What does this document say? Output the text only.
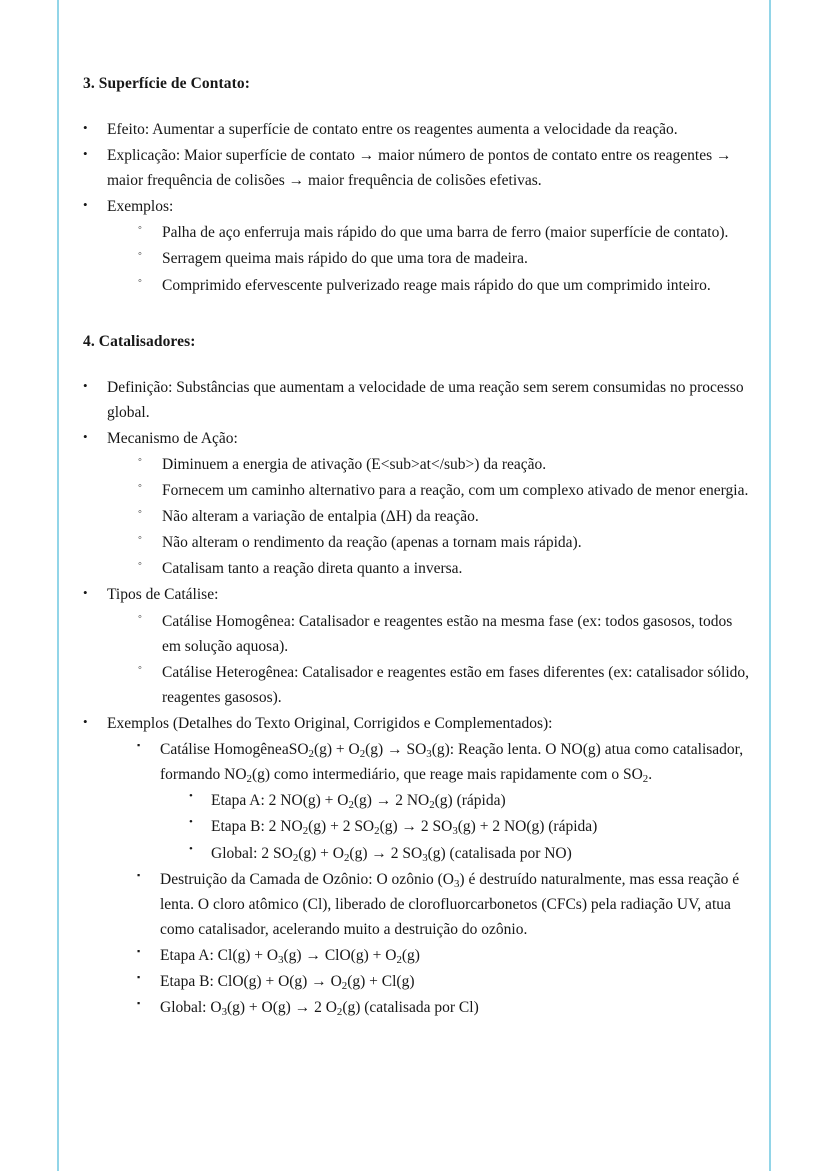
3. Superfície de Contato:
•	Efeito: Aumentar a superfície de contato entre os reagentes aumenta a velocidade da reação.
•	Explicação: Maior superfície de contato → maior número de pontos de contato entre os reagentes → maior frequência de colisões → maior frequência de colisões efetivas.
•	Exemplos:
◦	Palha de aço enferruja mais rápido do que uma barra de ferro (maior superfície de contato).
◦	Serragem queima mais rápido do que uma tora de madeira.
◦	Comprimido efervescente pulverizado reage mais rápido do que um comprimido inteiro.
4. Catalisadores:
•	Definição: Substâncias que aumentam a velocidade de uma reação sem serem consumidas no processo global.
•	Mecanismo de Ação:
◦	Diminuem a energia de ativação (E<sub>at</sub>) da reação.
◦	Fornecem um caminho alternativo para a reação, com um complexo ativado de menor energia.
◦	Não alteram a variação de entalpia (ΔH) da reação.
◦	Não alteram o rendimento da reação (apenas a tornam mais rápida).
◦	Catalisam tanto a reação direta quanto a inversa.
•	Tipos de Catálise:
◦	Catálise Homogênea: Catalisador e reagentes estão na mesma fase (ex: todos gasosos, todos em solução aquosa).
◦	Catálise Heterogênea: Catalisador e reagentes estão em fases diferentes (ex: catalisador sólido, reagentes gasosos).
•	Exemplos (Detalhes do Texto Original, Corrigidos e Complementados):
▪	Catálise HomogêneaSO$_2$(g) + $O_2(g) \to SO_3(g)$: Reação lenta. O NO(g) atua como catalisador, formando $NO_2(g)$ como intermediário, que reage mais rapidamente com o $SO_2$.
•	Etapa A: 2 $NO(g) + O_2(g) \to 2$ $NO_2(g)$ (rápida)
•	Etapa B: 2 $NO_2(g) + 2$ $SO_2(g) \to 2$ $SO_3(g) + 2$ NO(g) (rápida)
•	Global: 2 $SO_2(g) + O_2(g) \to 2$ $SO_3(g)$ (catalisada por NO)
▪	Destruição da Camada de Ozônio: O ozônio $(O_3)$ é destruído naturalmente, mas essa reação é lenta. O cloro atômico (Cl), liberado de clorofluorcarbonetos (CFCs) pela radiação UV, atua como catalisador, acelerando muito a destruição do ozônio.
▪	Etapa A: $Cl(g) + O_3(g) \to ClO(g) + O_2(g)$
▪	Etapa B: $ClO(g) + O(g) \to O_2(g) + Cl(g)$
▪	Global: $O_3(g) + O(g) \to 2$ $O_2(g)$ (catalisada por Cl)
